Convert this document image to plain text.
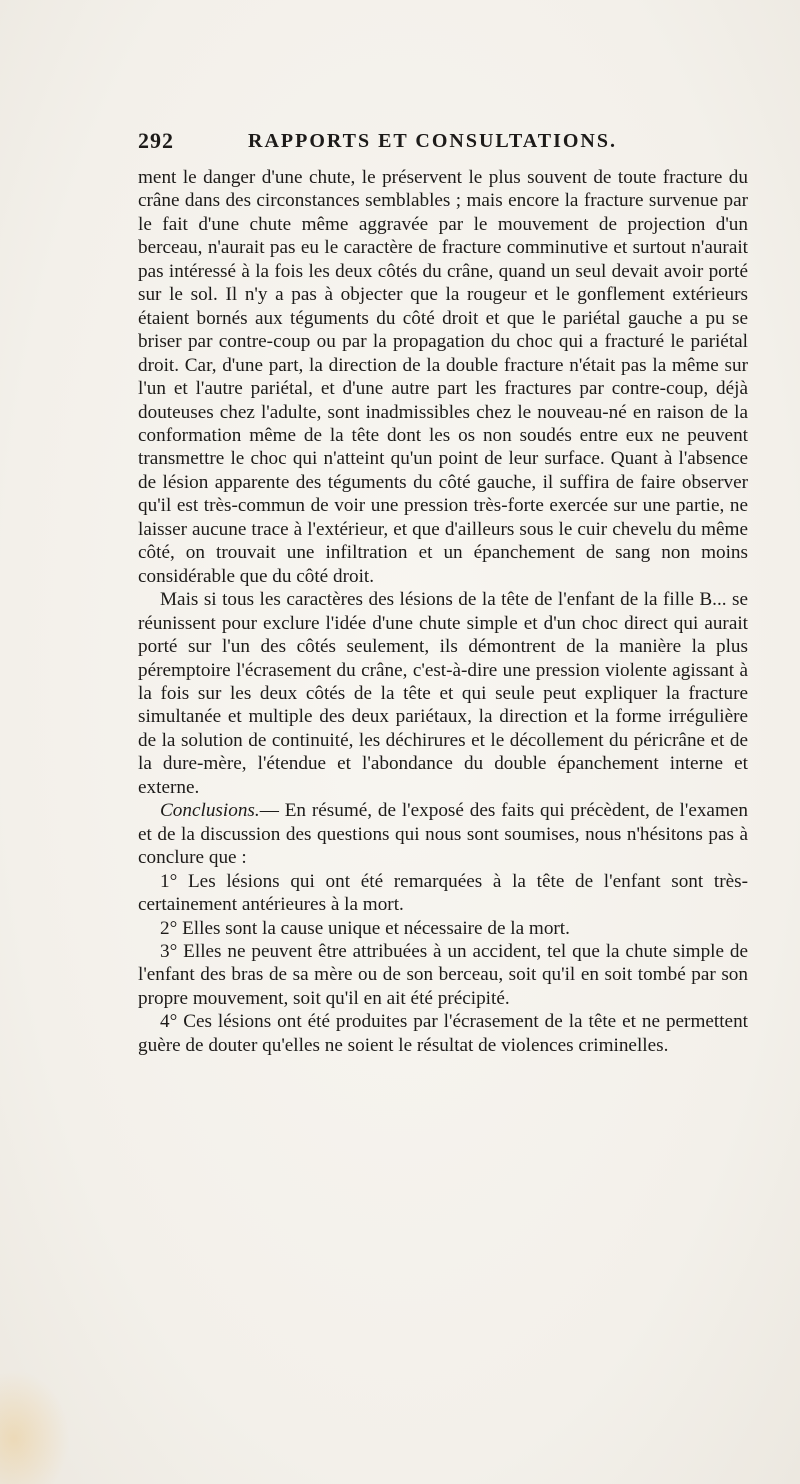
292	RAPPORTS ET CONSULTATIONS.

ment le danger d'une chute, le préservent le plus souvent de toute fracture du crâne dans des circonstances semblables ; mais encore la fracture survenue par le fait d'une chute même aggravée par le mouvement de projection d'un berceau, n'aurait pas eu le caractère de fracture comminutive et surtout n'aurait pas intéressé à la fois les deux côtés du crâne, quand un seul devait avoir porté sur le sol. Il n'y a pas à objecter que la rougeur et le gonflement extérieurs étaient bornés aux téguments du côté droit et que le pariétal gauche a pu se briser par contre-coup ou par la propagation du choc qui a fracturé le pariétal droit. Car, d'une part, la direction de la double fracture n'était pas la même sur l'un et l'autre pariétal, et d'une autre part les fractures par contre-coup, déjà douteuses chez l'adulte, sont inadmissibles chez le nouveau-né en raison de la conformation même de la tête dont les os non soudés entre eux ne peuvent transmettre le choc qui n'atteint qu'un point de leur surface. Quant à l'absence de lésion apparente des téguments du côté gauche, il suffira de faire observer qu'il est très-commun de voir une pression très-forte exercée sur une partie, ne laisser aucune trace à l'extérieur, et que d'ailleurs sous le cuir chevelu du même côté, on trouvait une infiltration et un épanchement de sang non moins considérable que du côté droit.

Mais si tous les caractères des lésions de la tête de l'enfant de la fille B... se réunissent pour exclure l'idée d'une chute simple et d'un choc direct qui aurait porté sur l'un des côtés seulement, ils démontrent de la manière la plus péremptoire l'écrasement du crâne, c'est-à-dire une pression violente agissant à la fois sur les deux côtés de la tête et qui seule peut expliquer la fracture simultanée et multiple des deux pariétaux, la direction et la forme irrégulière de la solution de continuité, les déchirures et le décollement du péricrâne et de la dure-mère, l'étendue et l'abondance du double épanchement interne et externe.

Conclusions.— En résumé, de l'exposé des faits qui précèdent, de l'examen et de la discussion des questions qui nous sont soumises, nous n'hésitons pas à conclure que :

1° Les lésions qui ont été remarquées à la tête de l'enfant sont très-certainement antérieures à la mort.

2° Elles sont la cause unique et nécessaire de la mort.

3° Elles ne peuvent être attribuées à un accident, tel que la chute simple de l'enfant des bras de sa mère ou de son berceau, soit qu'il en soit tombé par son propre mouvement, soit qu'il en ait été précipité.

4° Ces lésions ont été produites par l'écrasement de la tête et ne permettent guère de douter qu'elles ne soient le résultat de violences criminelles.
